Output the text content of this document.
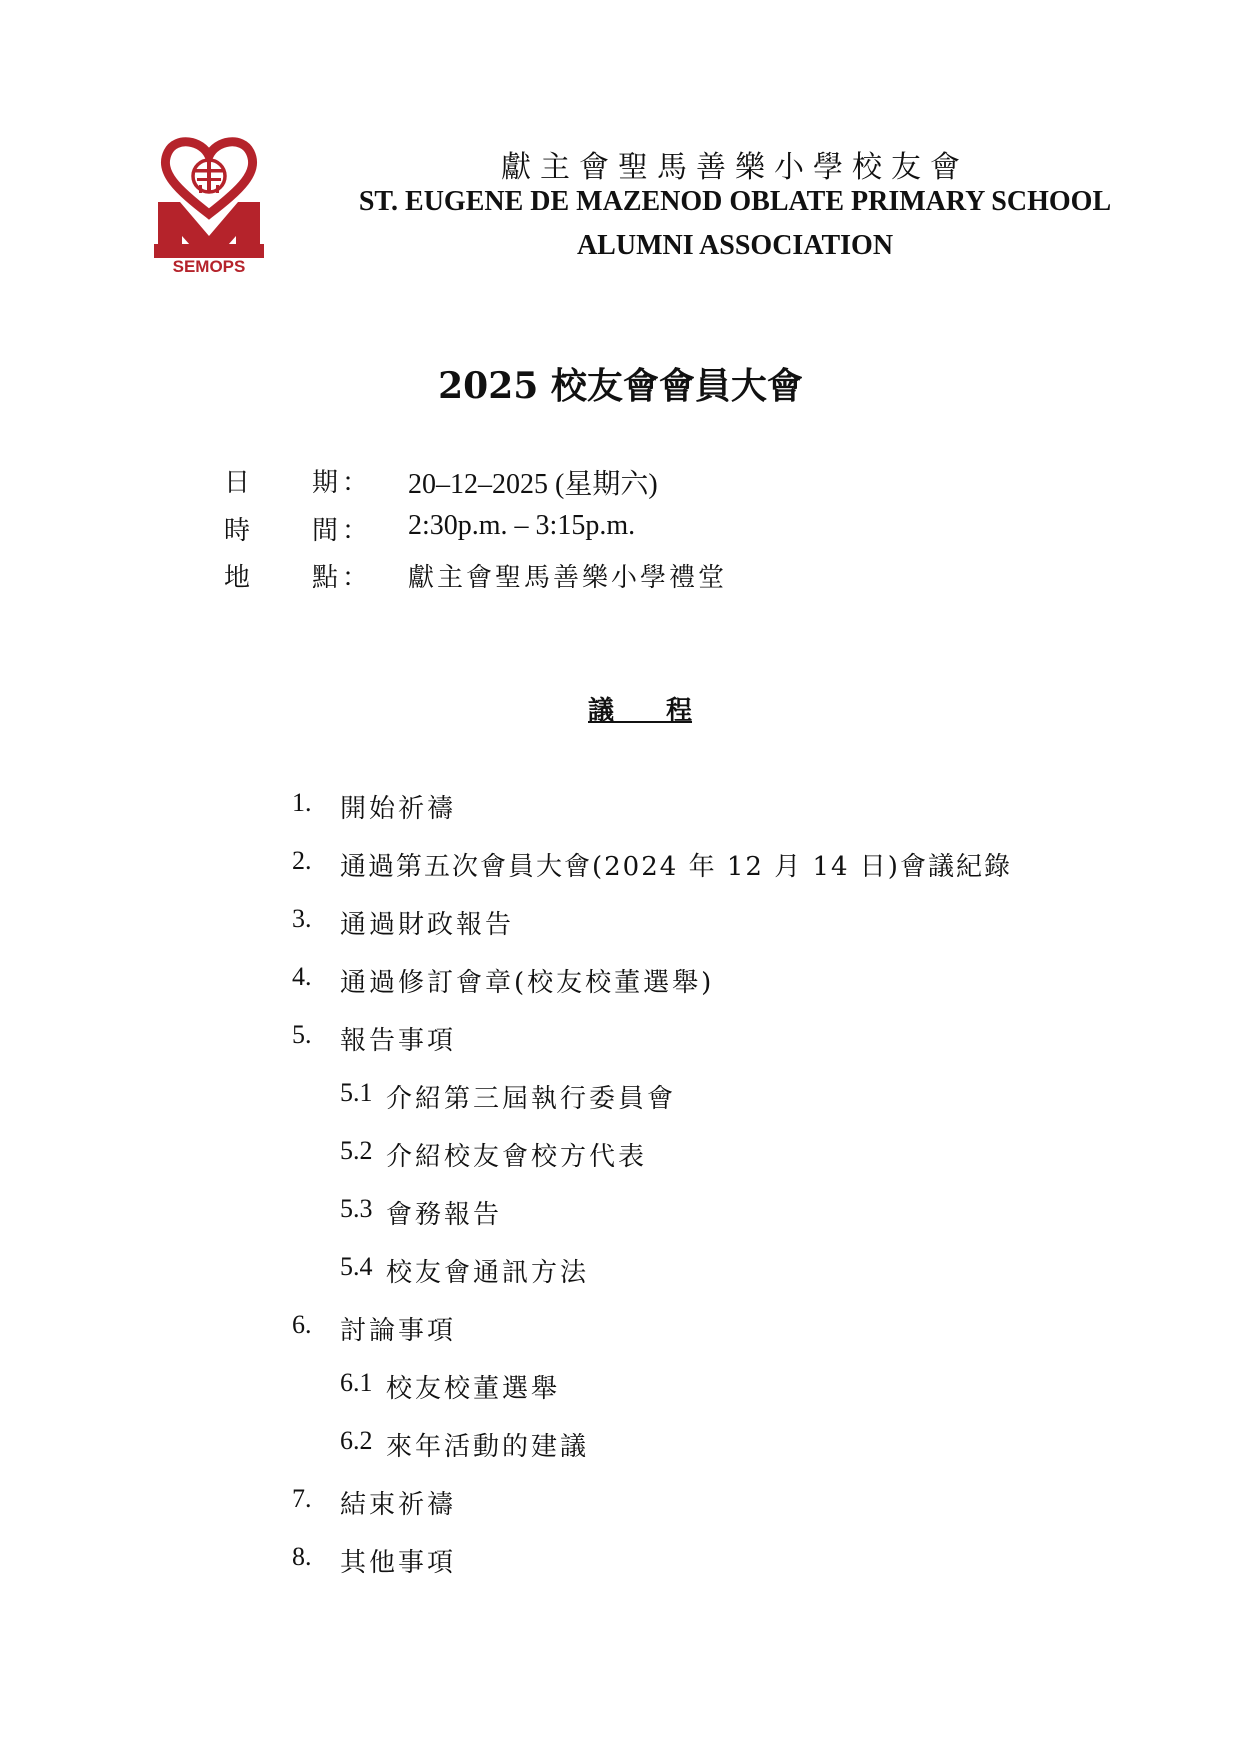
SEMOPS
獻主會聖馬善樂小學校友會
ST. EUGENE DE MAZENOD OBLATE PRIMARY SCHOOL
ALUMNI ASSOCIATION
2025 校友會會員大會
日 期 ： 20–12–2025 (星期六)
時 間 ： 2:30p.m. – 3:15p.m.
地 點 ： 獻主會聖馬善樂小學禮堂
議　　程
1. 開始祈禱
2. 通過第五次會員大會(2024 年 12 月 14 日)會議紀錄
3. 通過財政報告
4. 通過修訂會章(校友校董選舉)
5. 報告事項
5.1 介紹第三屆執行委員會
5.2 介紹校友會校方代表
5.3 會務報告
5.4 校友會通訊方法
6. 討論事項
6.1 校友校董選舉
6.2 來年活動的建議
7. 結束祈禱
8. 其他事項
